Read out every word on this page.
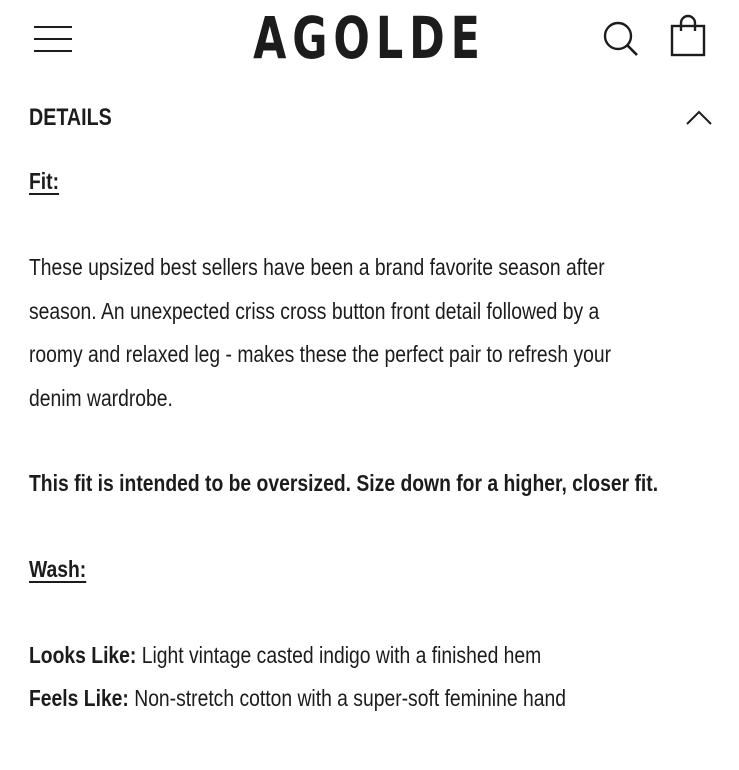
AGOLDE
DETAILS
Fit:
These upsized best sellers have been a brand favorite season after
season. An unexpected criss cross button front detail followed by a
roomy and relaxed leg - makes these the perfect pair to refresh your
denim wardrobe.
This fit is intended to be oversized. Size down for a higher, closer fit.
Wash:
Looks Like: Light vintage casted indigo with a finished hem
Feels Like: Non-stretch cotton with a super-soft feminine hand
